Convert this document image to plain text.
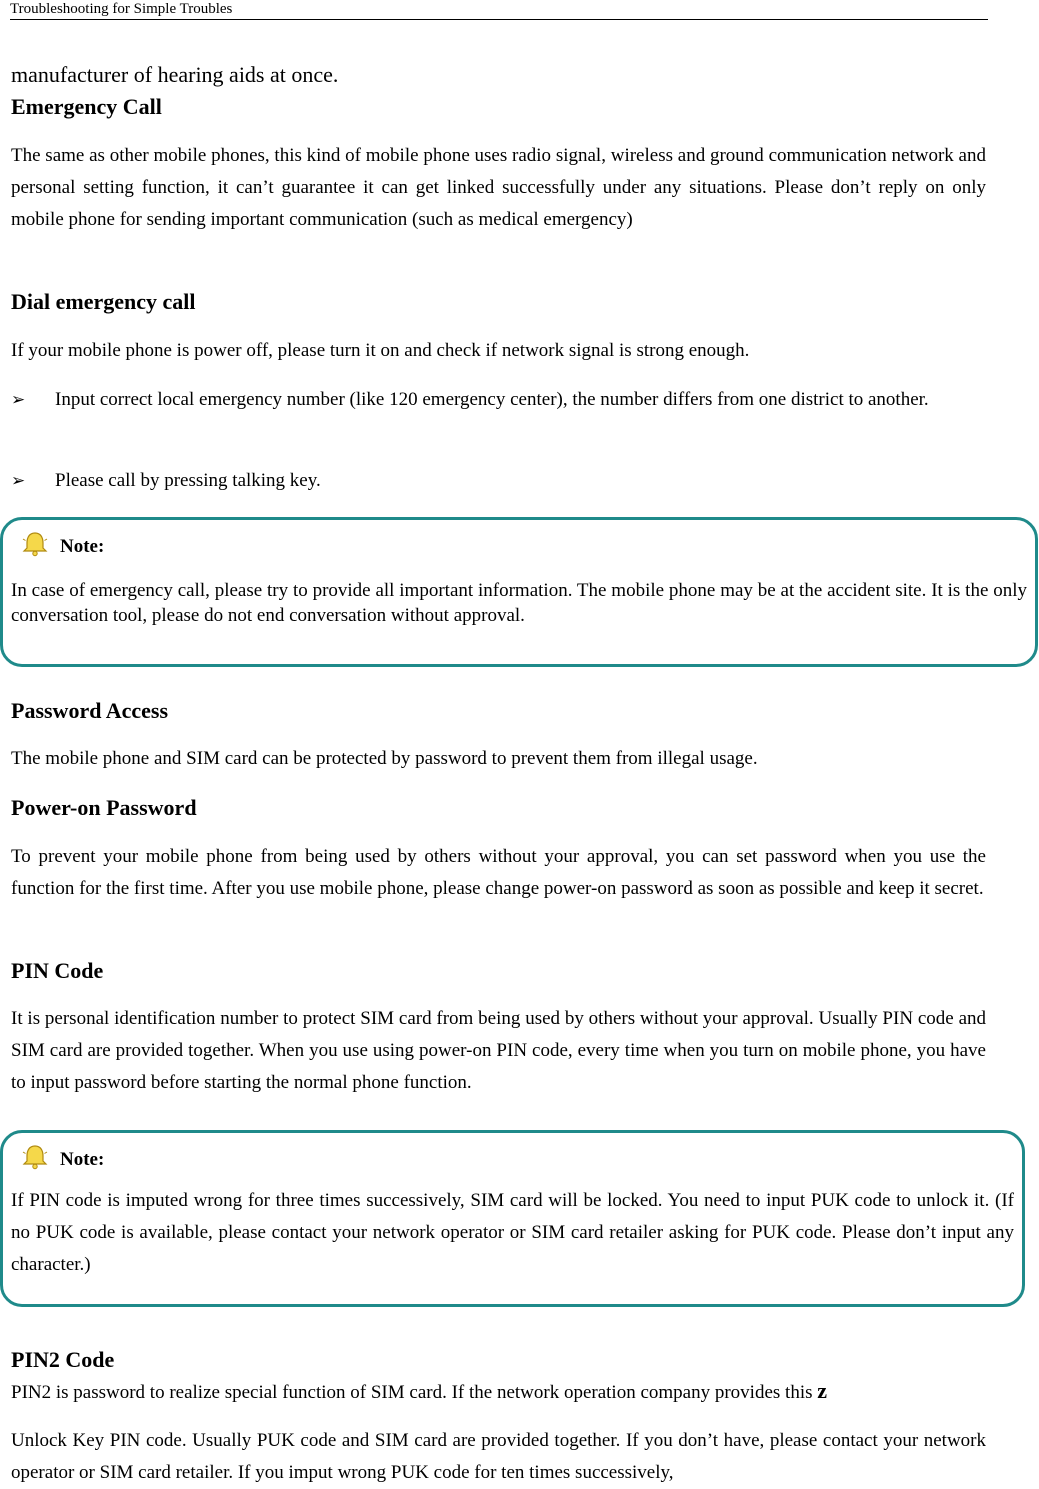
Troubleshooting for Simple Troubles

manufacturer of hearing aids at once.

Emergency Call

The same as other mobile phones, this kind of mobile phone uses radio signal, wireless and ground communication network and personal setting function, it can’t guarantee it can get linked successfully under any situations. Please don’t reply on only mobile phone for sending important communication (such as medical emergency)

Dial emergency call

If your mobile phone is power off, please turn it on and check if network signal is strong enough.

➢	Input correct local emergency number (like 120 emergency center), the number differs from one district to another.
➢	Please call by pressing talking key.
Note:

In case of emergency call, please try to provide all important information. The mobile phone may be at the accident site. It is the only conversation tool, please do not end conversation without approval.

Password Access

The mobile phone and SIM card can be protected by password to prevent them from illegal usage.

Power-on Password

To prevent your mobile phone from being used by others without your approval, you can set password when you use the function for the first time. After you use mobile phone, please change power-on password as soon as possible and keep it secret.

PIN Code

It is personal identification number to protect SIM card from being used by others without your approval. Usually PIN code and SIM card are provided together. When you use using power-on PIN code, every time when you turn on mobile phone, you have to input password before starting the normal phone function.

Note:

If PIN code is imputed wrong for three times successively, SIM card will be locked. You need to input PUK code to unlock it. (If no PUK code is available, please contact your network operator or SIM card retailer asking for PUK code. Please don’t input any character.)

PIN2 Code

PIN2 is password to realize special function of SIM card. If the network operation company provides this z

Unlock Key PIN code. Usually PUK code and SIM card are provided together. If you don’t have, please contact your network operator or SIM card retailer. If you imput wrong PUK code for ten times successively,
